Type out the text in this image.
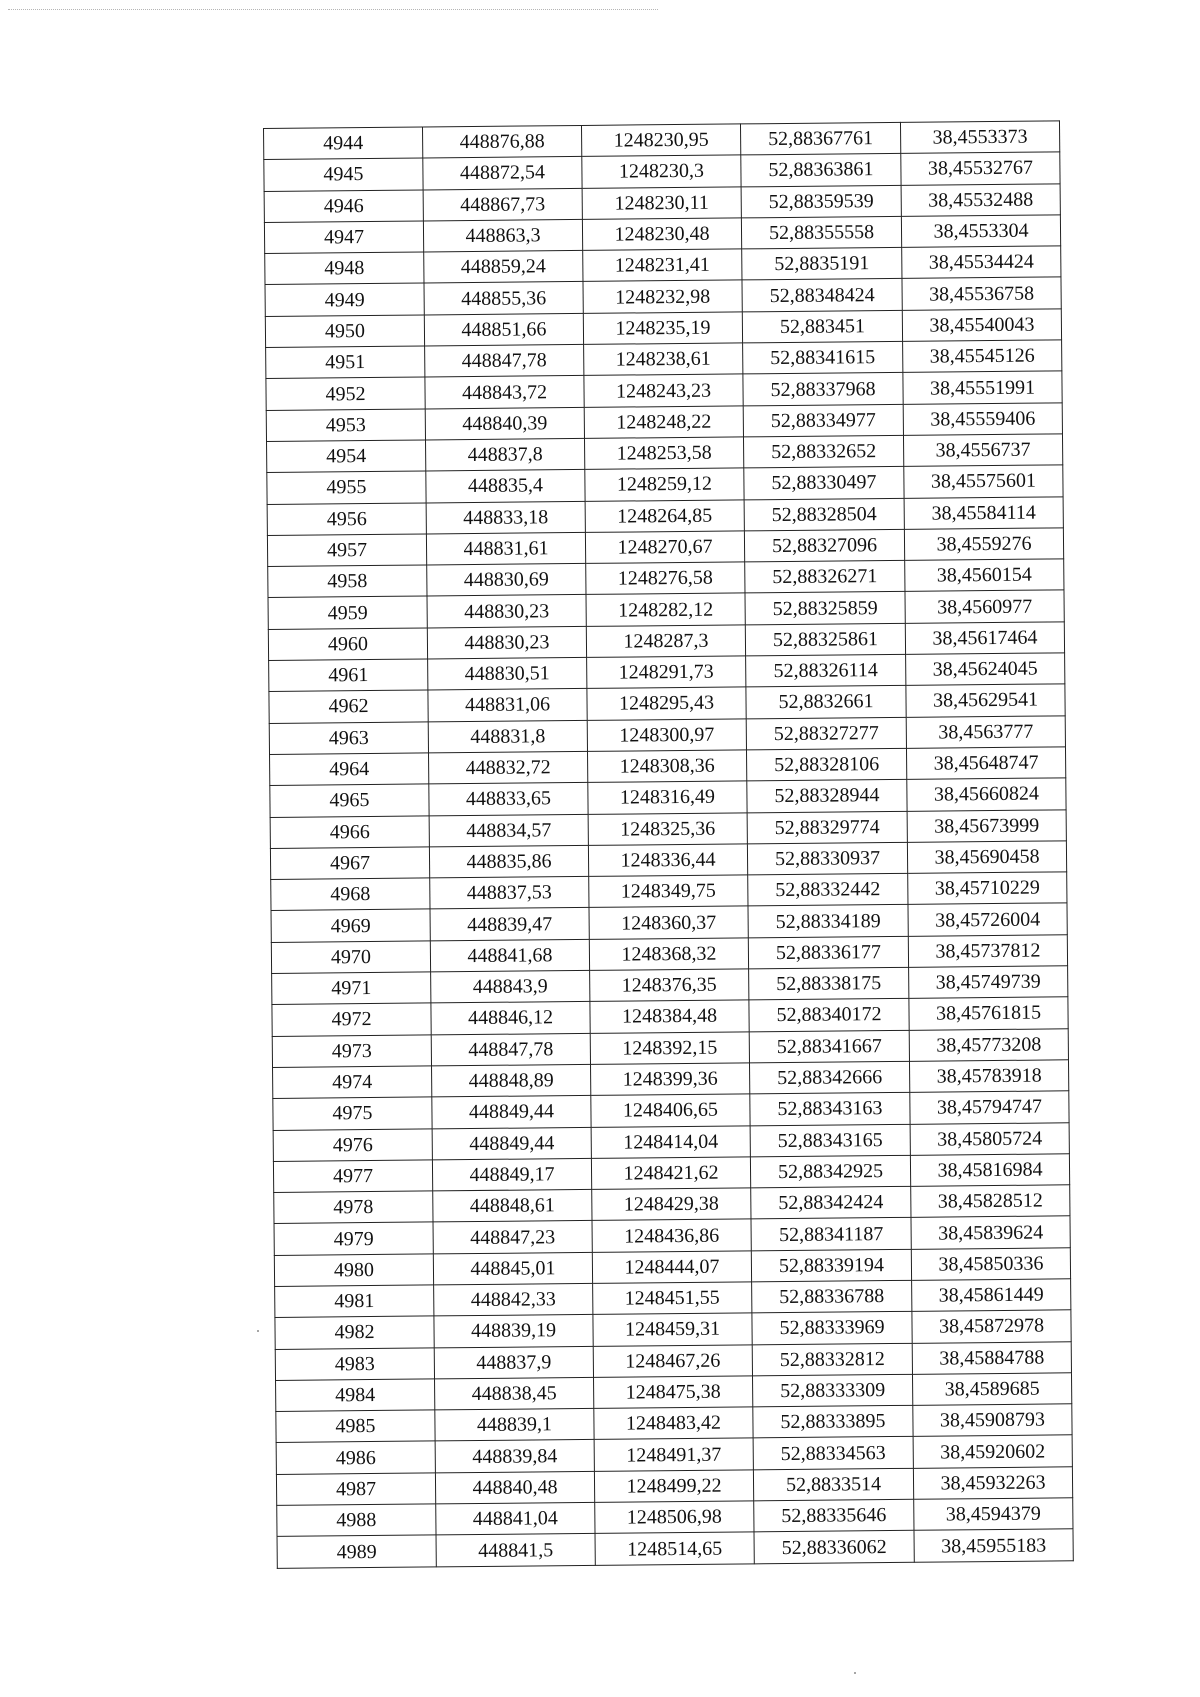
4944	448876,88	1248230,95	52,88367761	38,4553373
4945	448872,54	1248230,3	52,88363861	38,45532767
4946	448867,73	1248230,11	52,88359539	38,45532488
4947	448863,3	1248230,48	52,88355558	38,4553304
4948	448859,24	1248231,41	52,8835191	38,45534424
4949	448855,36	1248232,98	52,88348424	38,45536758
4950	448851,66	1248235,19	52,883451	38,45540043
4951	448847,78	1248238,61	52,88341615	38,45545126
4952	448843,72	1248243,23	52,88337968	38,45551991
4953	448840,39	1248248,22	52,88334977	38,45559406
4954	448837,8	1248253,58	52,88332652	38,4556737
4955	448835,4	1248259,12	52,88330497	38,45575601
4956	448833,18	1248264,85	52,88328504	38,45584114
4957	448831,61	1248270,67	52,88327096	38,4559276
4958	448830,69	1248276,58	52,88326271	38,4560154
4959	448830,23	1248282,12	52,88325859	38,4560977
4960	448830,23	1248287,3	52,88325861	38,45617464
4961	448830,51	1248291,73	52,88326114	38,45624045
4962	448831,06	1248295,43	52,8832661	38,45629541
4963	448831,8	1248300,97	52,88327277	38,4563777
4964	448832,72	1248308,36	52,88328106	38,45648747
4965	448833,65	1248316,49	52,88328944	38,45660824
4966	448834,57	1248325,36	52,88329774	38,45673999
4967	448835,86	1248336,44	52,88330937	38,45690458
4968	448837,53	1248349,75	52,88332442	38,45710229
4969	448839,47	1248360,37	52,88334189	38,45726004
4970	448841,68	1248368,32	52,88336177	38,45737812
4971	448843,9	1248376,35	52,88338175	38,45749739
4972	448846,12	1248384,48	52,88340172	38,45761815
4973	448847,78	1248392,15	52,88341667	38,45773208
4974	448848,89	1248399,36	52,88342666	38,45783918
4975	448849,44	1248406,65	52,88343163	38,45794747
4976	448849,44	1248414,04	52,88343165	38,45805724
4977	448849,17	1248421,62	52,88342925	38,45816984
4978	448848,61	1248429,38	52,88342424	38,45828512
4979	448847,23	1248436,86	52,88341187	38,45839624
4980	448845,01	1248444,07	52,88339194	38,45850336
4981	448842,33	1248451,55	52,88336788	38,45861449
4982	448839,19	1248459,31	52,88333969	38,45872978
4983	448837,9	1248467,26	52,88332812	38,45884788
4984	448838,45	1248475,38	52,88333309	38,4589685
4985	448839,1	1248483,42	52,88333895	38,45908793
4986	448839,84	1248491,37	52,88334563	38,45920602
4987	448840,48	1248499,22	52,8833514	38,45932263
4988	448841,04	1248506,98	52,88335646	38,4594379
4989	448841,5	1248514,65	52,88336062	38,45955183
